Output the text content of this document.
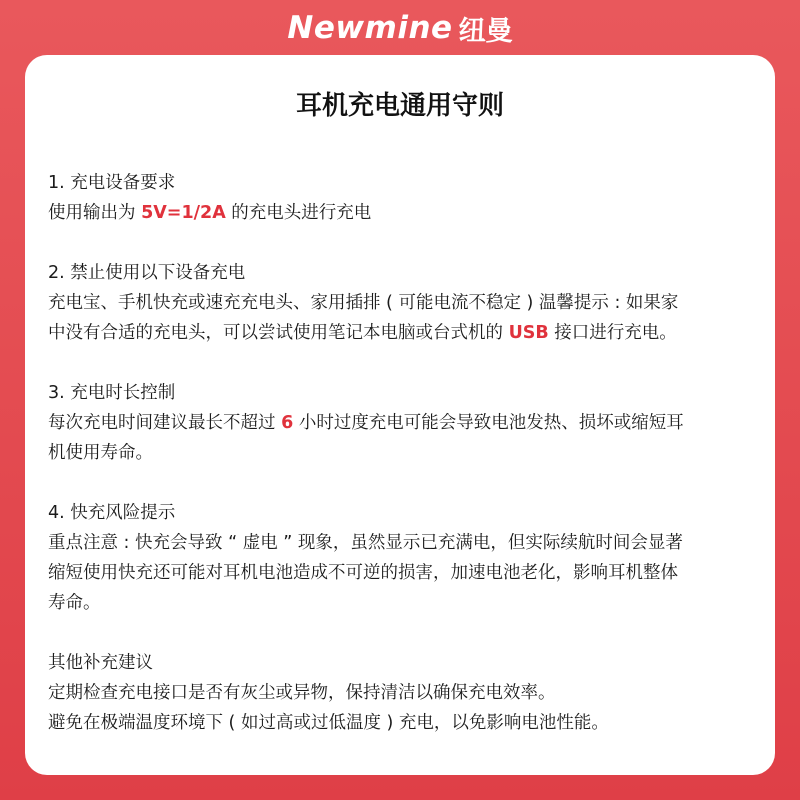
Newmine 纽曼
耳机充电通用守则
1. 充电设备要求
使用输出为 5V=1/2A 的充电头进行充电
2. 禁止使用以下设备充电
充电宝、手机快充或速充充电头、家用插排 ( 可能电流不稳定 ) 温馨提示 : 如果家
中没有合适的充电头，可以尝试使用笔记本电脑或台式机的 USB 接口进行充电。
3. 充电时长控制
每次充电时间建议最长不超过 6 小时过度充电可能会导致电池发热、损坏或缩短耳
机使用寿命。
4. 快充风险提示
重点注意 : 快充会导致 “ 虚电 ” 现象，虽然显示已充满电，但实际续航时间会显著
缩短使用快充还可能对耳机电池造成不可逆的损害，加速电池老化，影响耳机整体
寿命。
其他补充建议
定期检查充电接口是否有灰尘或异物，保持清洁以确保充电效率。
避免在极端温度环境下 ( 如过高或过低温度 ) 充电，以免影响电池性能。
